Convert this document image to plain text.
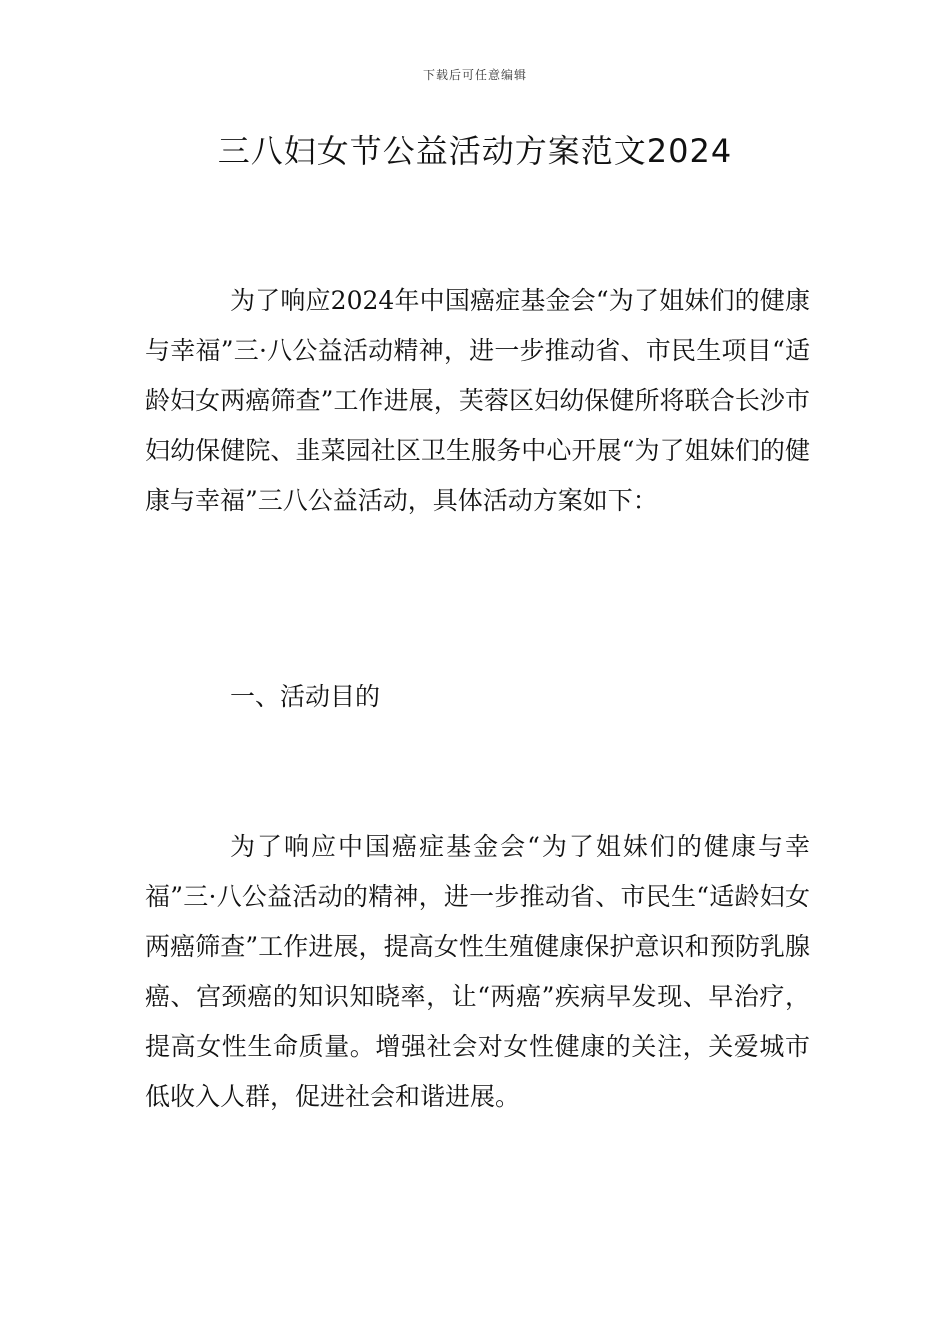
下载后可任意编辑
三八妇女节公益活动方案范文2024

为了响应2024年中国癌症基金会“为了姐妹们的健康与幸福”三·八公益活动精神，进一步推动省、市民生项目“适龄妇女两癌筛查”工作进展，芙蓉区妇幼保健所将联合长沙市妇幼保健院、韭菜园社区卫生服务中心开展“为了姐妹们的健康与幸福”三八公益活动，具体活动方案如下：

一、活动目的

为了响应中国癌症基金会“为了姐妹们的健康与幸福”三·八公益活动的精神，进一步推动省、市民生“适龄妇女两癌筛查”工作进展，提高女性生殖健康保护意识和预防乳腺癌、宫颈癌的知识知晓率，让“两癌”疾病早发现、早治疗，提高女性生命质量。增强社会对女性健康的关注，关爱城市低收入人群，促进社会和谐进展。
